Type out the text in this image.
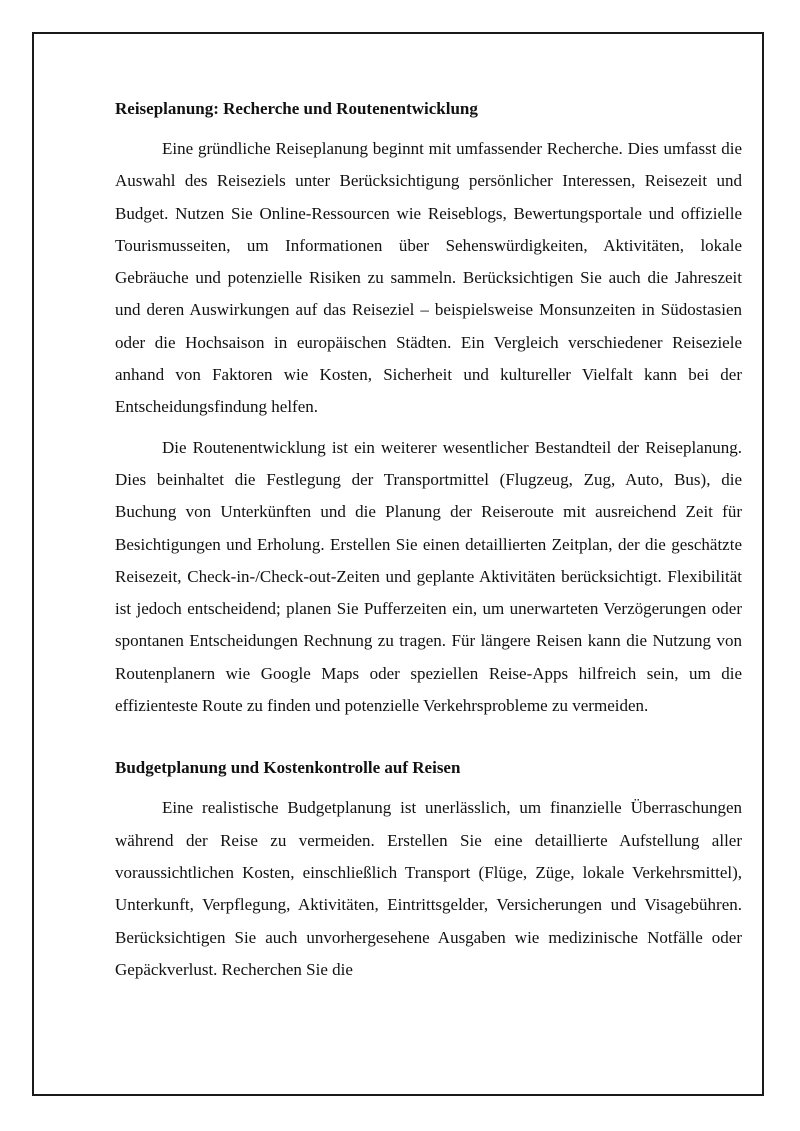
Reiseplanung: Recherche und Routenentwicklung

Eine gründliche Reiseplanung beginnt mit umfassender Recherche. Dies umfasst die Auswahl des Reiseziels unter Berücksichtigung persönlicher Interessen, Reisezeit und Budget. Nutzen Sie Online-Ressourcen wie Reiseblogs, Bewertungsportale und offizielle Tourismusseiten, um Informationen über Sehenswürdigkeiten, Aktivitäten, lokale Gebräuche und potenzielle Risiken zu sammeln. Berücksichtigen Sie auch die Jahreszeit und deren Auswirkungen auf das Reiseziel – beispielsweise Monsunzeiten in Südostasien oder die Hochsaison in europäischen Städten. Ein Vergleich verschiedener Reiseziele anhand von Faktoren wie Kosten, Sicherheit und kultureller Vielfalt kann bei der Entscheidungsfindung helfen.

Die Routenentwicklung ist ein weiterer wesentlicher Bestandteil der Reiseplanung. Dies beinhaltet die Festlegung der Transportmittel (Flugzeug, Zug, Auto, Bus), die Buchung von Unterkünften und die Planung der Reiseroute mit ausreichend Zeit für Besichtigungen und Erholung. Erstellen Sie einen detaillierten Zeitplan, der die geschätzte Reisezeit, Check-in-/Check-out-Zeiten und geplante Aktivitäten berücksichtigt. Flexibilität ist jedoch entscheidend; planen Sie Pufferzeiten ein, um unerwarteten Verzögerungen oder spontanen Entscheidungen Rechnung zu tragen. Für längere Reisen kann die Nutzung von Routenplanern wie Google Maps oder speziellen Reise-Apps hilfreich sein, um die effizienteste Route zu finden und potenzielle Verkehrsprobleme zu vermeiden.

Budgetplanung und Kostenkontrolle auf Reisen

Eine realistische Budgetplanung ist unerlässlich, um finanzielle Überraschungen während der Reise zu vermeiden. Erstellen Sie eine detaillierte Aufstellung aller voraussichtlichen Kosten, einschließlich Transport (Flüge, Züge, lokale Verkehrsmittel), Unterkunft, Verpflegung, Aktivitäten, Eintrittsgelder, Versicherungen und Visagebühren. Berücksichtigen Sie auch unvorhergesehene Ausgaben wie medizinische Notfälle oder Gepäckverlust. Recherchen Sie die
